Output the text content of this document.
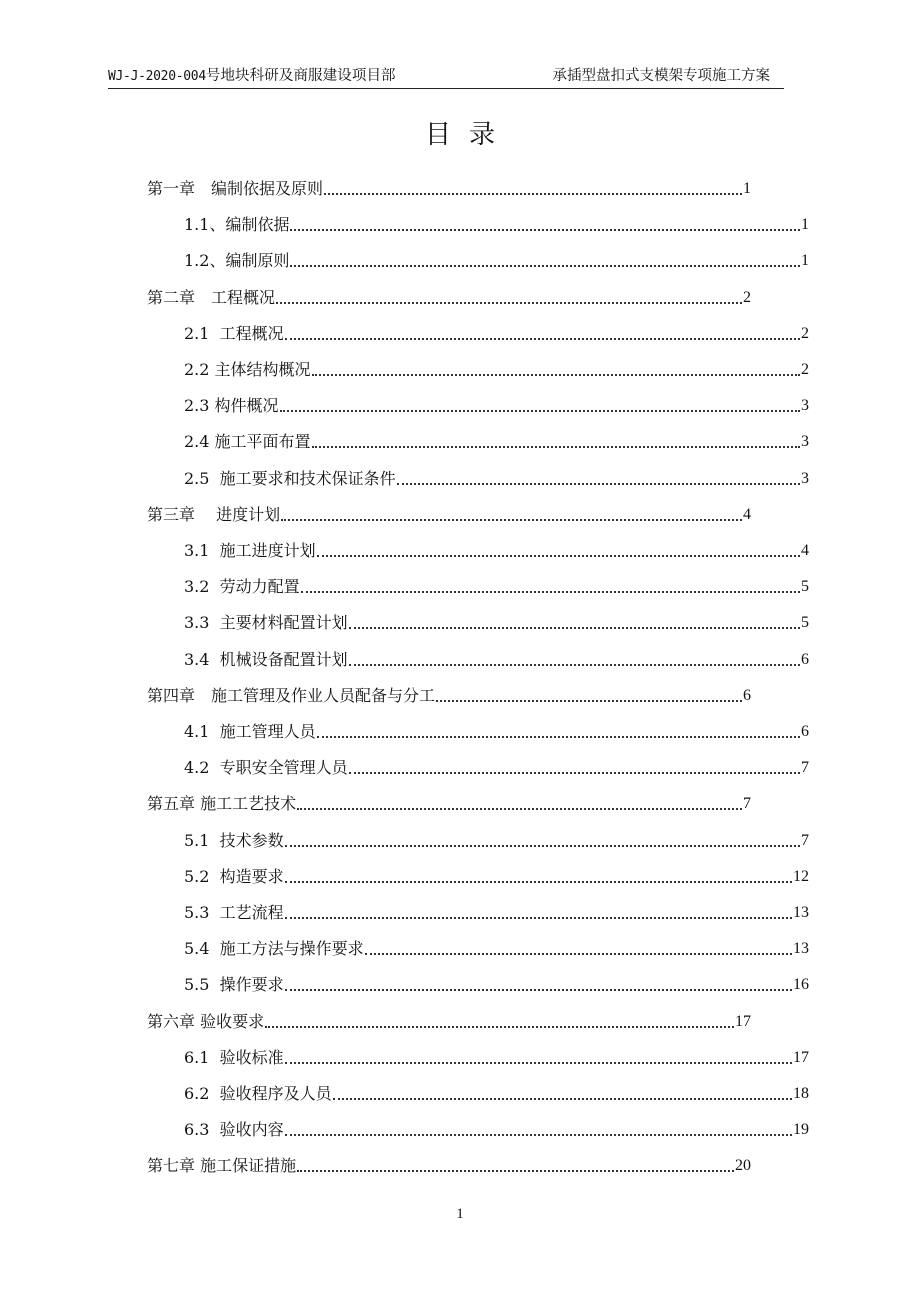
WJ-J-2020-004号地块科研及商服建设项目部	承插型盘扣式支模架专项施工方案
目录
第一章　编制依据及原则	1
1.1、编制依据	1
1.2、编制原则	1
第二章　工程概况	2
2.1  工程概况	2
2.2 主体结构概况	2
2.3 构件概况	3
2.4 施工平面布置	3
2.5  施工要求和技术保证条件	3
第三章　 进度计划	4
3.1  施工进度计划	4
3.2  劳动力配置	5
3.3  主要材料配置计划	5
3.4  机械设备配置计划	6
第四章　施工管理及作业人员配备与分工	6
4.1  施工管理人员	6
4.2  专职安全管理人员	7
第五章 施工工艺技术	7
5.1  技术参数	7
5.2  构造要求	12
5.3  工艺流程	13
5.4  施工方法与操作要求	13
5.5  操作要求	16
第六章 验收要求	17
6.1  验收标准	17
6.2  验收程序及人员	18
6.3  验收内容	19
第七章 施工保证措施	20
1
